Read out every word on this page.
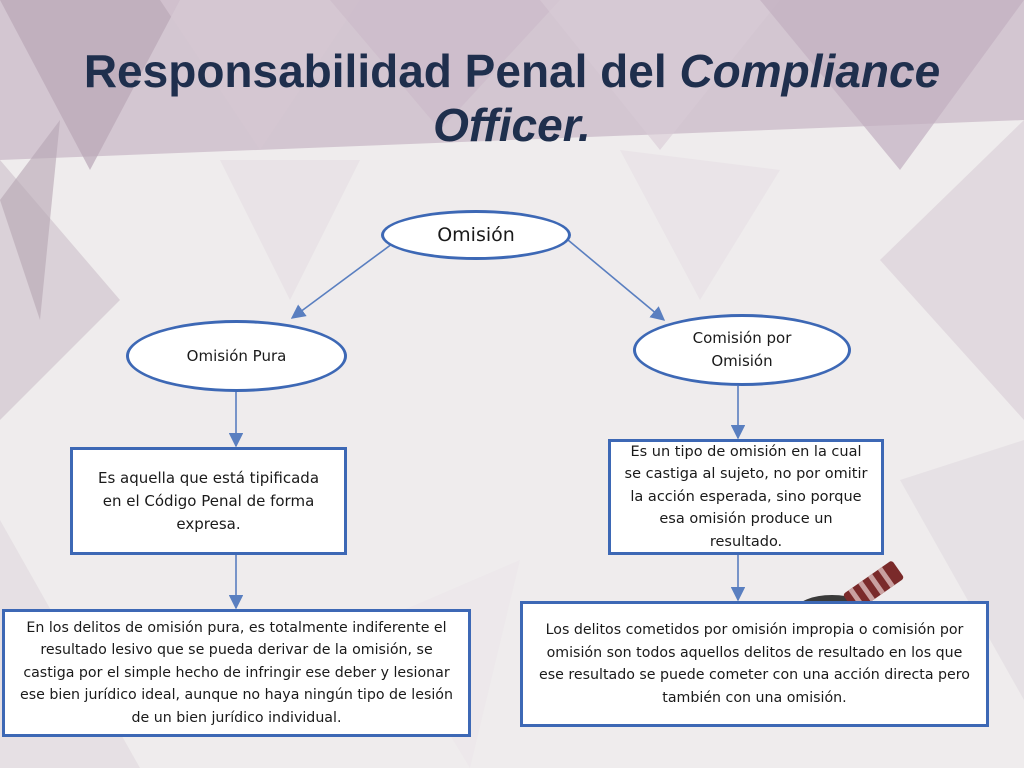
Responsabilidad Penal del Compliance Officer.
Omisión
Omisión Pura
Comisión por Omisión
Es aquella que está tipificada en el Código Penal de forma expresa.
Es un tipo de omisión en la cual se castiga al sujeto, no por omitir la acción esperada, sino porque esa omisión produce un resultado.
En los delitos de omisión pura, es totalmente indiferente el resultado lesivo que se pueda derivar de la omisión, se castiga por el simple hecho de infringir ese deber y lesionar ese bien jurídico ideal, aunque no haya ningún tipo de lesión de un bien jurídico individual.
Los delitos cometidos por omisión impropia o comisión por omisión son todos aquellos delitos de resultado en los que ese resultado se puede cometer con una acción directa pero también con una omisión.
